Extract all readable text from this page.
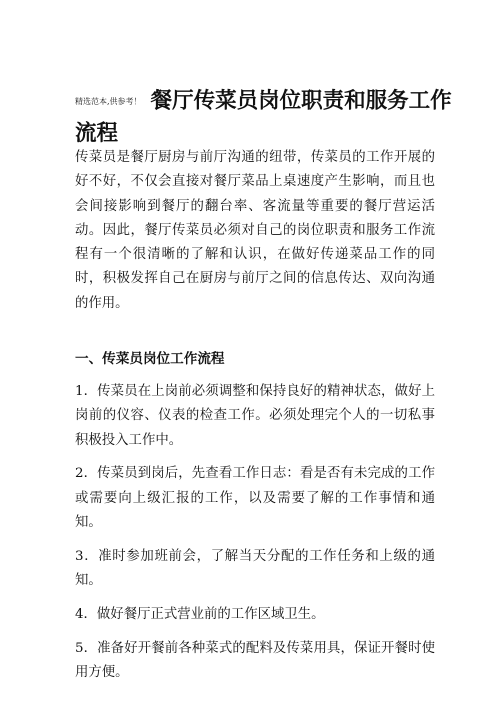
精选范本,供参考！ 餐厅传菜员岗位职责和服务工作
流程

传菜员是餐厅厨房与前厅沟通的纽带，传菜员的工作开展的好不好，不仅会直接对餐厅菜品上桌速度产生影响，而且也会间接影响到餐厅的翻台率、客流量等重要的餐厅营运活动。因此，餐厅传菜员必须对自己的岗位职责和服务工作流程有一个很清晰的了解和认识，在做好传递菜品工作的同时，积极发挥自己在厨房与前厅之间的信息传达、双向沟通的作用。

一、传菜员岗位工作流程
1．传菜员在上岗前必须调整和保持良好的精神状态，做好上岗前的仪容、仪表的检查工作。必须处理完个人的一切私事积极投入工作中。
2．传菜员到岗后，先查看工作日志：看是否有未完成的工作或需要向上级汇报的工作，以及需要了解的工作事情和通知。
3．准时参加班前会，了解当天分配的工作任务和上级的通知。
4．做好餐厅正式营业前的工作区域卫生。
5．准备好开餐前各种菜式的配料及传菜用具，保证开餐时使用方便。
